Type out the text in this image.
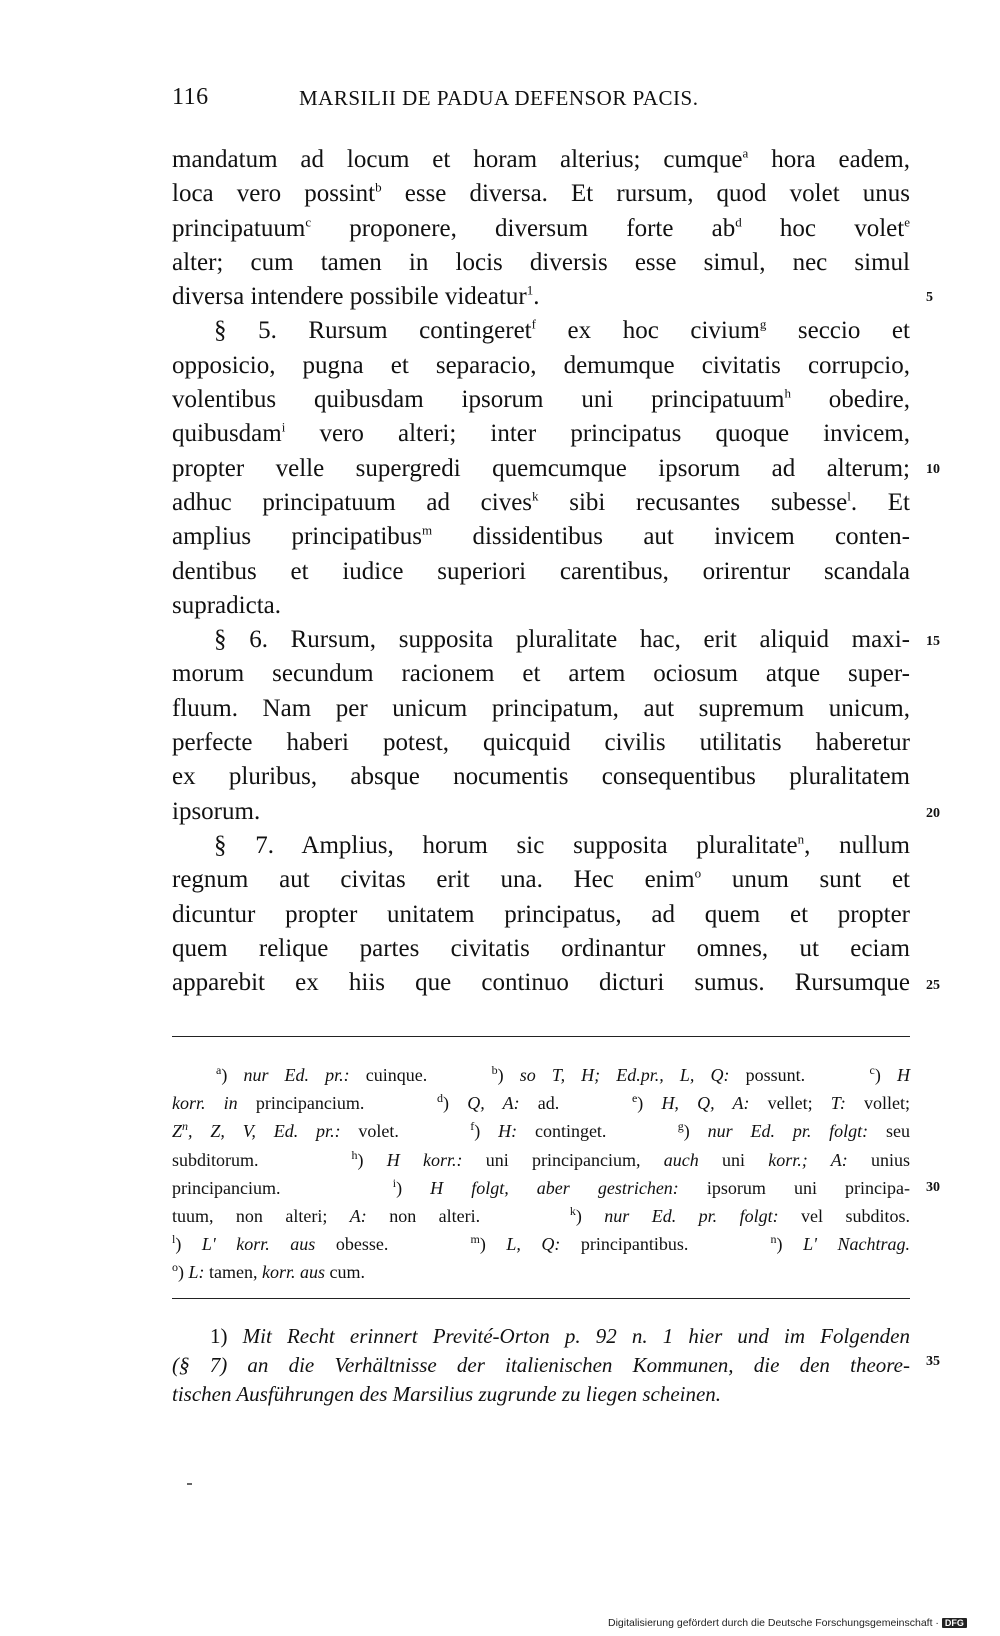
116	MARSILII DE PADUA DEFENSOR PACIS.
mandatum ad locum et horam alterius; cumque$^a$ hora eadem,
loca vero possint$^b$ esse diversa. Et rursum, quod volet unus
principatuum$^c$ proponere, diversum forte $ab^d$ hoc volet$^e$
alter; cum tamen in locis diversis esse simul, nec simul
diversa intendere possibile videatur$^1$.
§ 5. Rursum contingeret$^f$ ex hoc civium$^g$ seccio et
opposicio, pugna et separacio, demumque civitatis corrupcio,
volentibus quibusdam ipsorum uni principatuum$^h$ obedire,
quibusdam$^i$ vero alteri; inter principatus quoque invicem,
propter velle supergredi quemcumque ipsorum ad alterum;
adhuc principatuum ad cives$^k$ sibi recusantes subesse$^l$. Et
amplius principatibus$^m$ dissidentibus aut invicem conten-
dentibus et iudice superiori carentibus, orirentur scandala
supradicta.
§ 6. Rursum, supposita pluralitate hac, erit aliquid maxi-
morum secundum racionem et artem ociosum atque super-
fluum. Nam per unicum principatum, aut supremum unicum,
perfecte haberi potest, quicquid civilis utilitatis haberetur
ex pluribus, absque nocumentis consequentibus pluralitatem
ipsorum.
§ 7. Amplius, horum sic supposita pluralitate$^n$, nullum
regnum aut civitas erit una. Hec enim$^o$ unum sunt et
dicuntur propter unitatem principatus, ad quem et propter
quem relique partes civitatis ordinantur omnes, ut eciam
apparebit ex hiis que continuo dicturi sumus. Rursumque
5
10
15
20
25
30
35
$^a$) nur Ed. pr.: cuinque.    $^b$) so T, H; Ed.pr., L, Q: possunt.    $^c$) H
korr. in principancium.    $^d$) Q, A: ad.    $^e$) H, Q, A: vellet; T: vollet;
$Z^n$, Z, V, Ed. pr.: volet.    $^f$) H: continget.    $^g$) nur Ed. pr. folgt: seu
subditorum.    $^h$) H korr.: uni principancium, auch uni korr.; A: unius
principancium.    $^i$) H folgt, aber gestrichen: ipsorum uni principa-
tuum, non alteri; A: non alteri.    $^k$) nur Ed. pr. folgt: vel subditos.
$^l$) L' korr. aus obesse.    $^m$) L, Q: principantibus.    $^n$) L' Nachtrag.
$^o$) L: tamen, korr. aus cum.
1) Mit Recht erinnert Previté-Orton p. 92 n. 1 hier und im Folgenden
(§ 7) an die Verhältnisse der italienischen Kommunen, die den theore-
tischen Ausführungen des Marsilius zugrunde zu liegen scheinen.
Digitalisierung gefördert durch die Deutsche Forschungsgemeinschaft · DFG
